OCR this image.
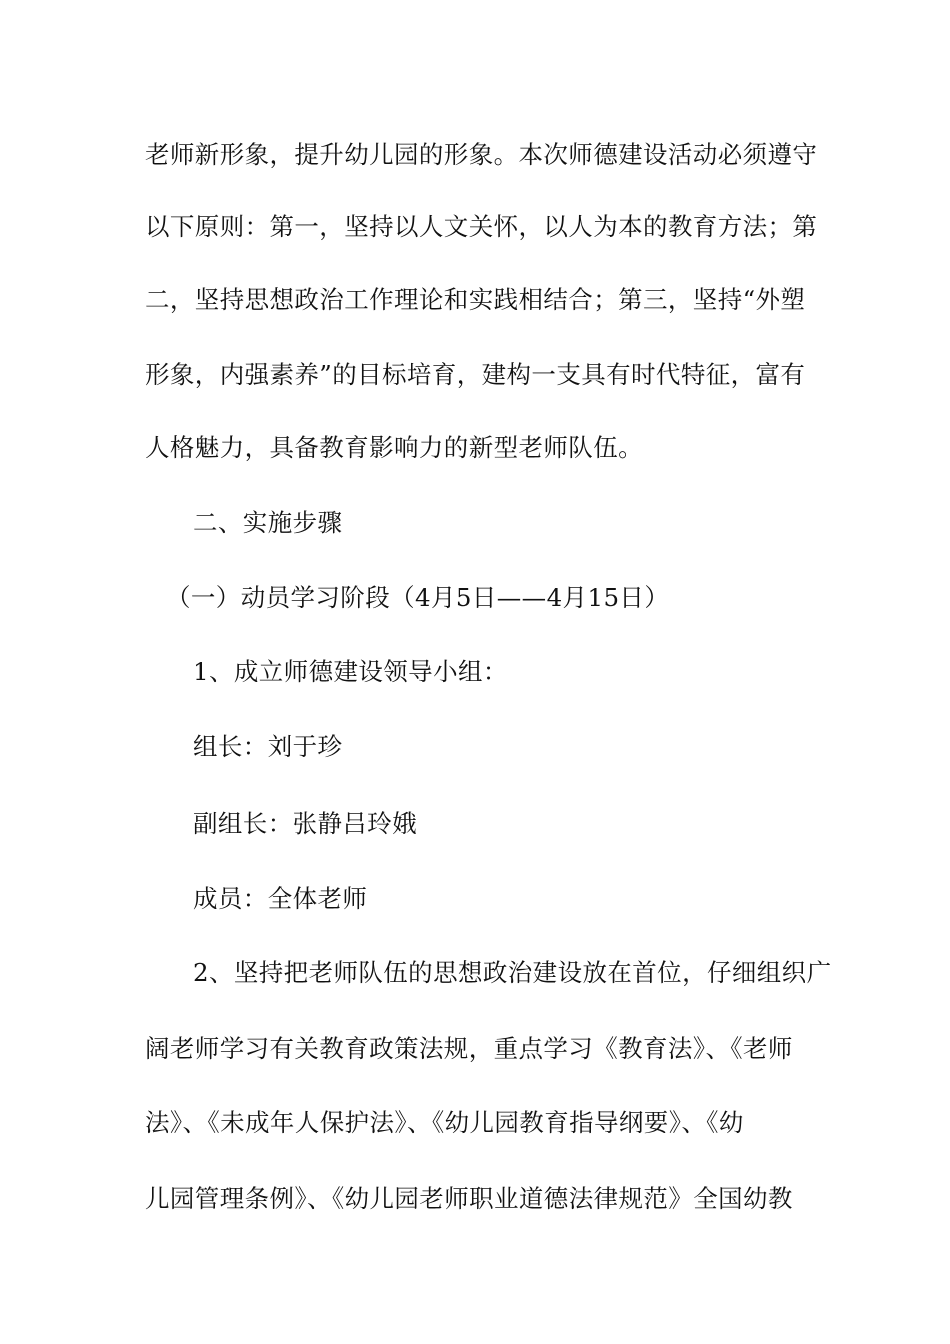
老师新形象，提升幼儿园的形象。本次师德建设活动必须遵守
以下原则：第一，坚持以人文关怀，以人为本的教育方法；第
二，坚持思想政治工作理论和实践相结合；第三，坚持“外塑
形象，内强素养”的目标培育，建构一支具有时代特征，富有
人格魅力，具备教育影响力的新型老师队伍。
二、实施步骤
（一）动员学习阶段（4月5日——4月15日）
1、成立师德建设领导小组：
组长：刘于珍
副组长：张静吕玲娥
成员：全体老师
2、坚持把老师队伍的思想政治建设放在首位，仔细组织广
阔老师学习有关教育政策法规，重点学习《教育法》、《老师
法》、《未成年人保护法》、《幼儿园教育指导纲要》、《幼
儿园管理条例》、《幼儿园老师职业道德法律规范》全国幼教
